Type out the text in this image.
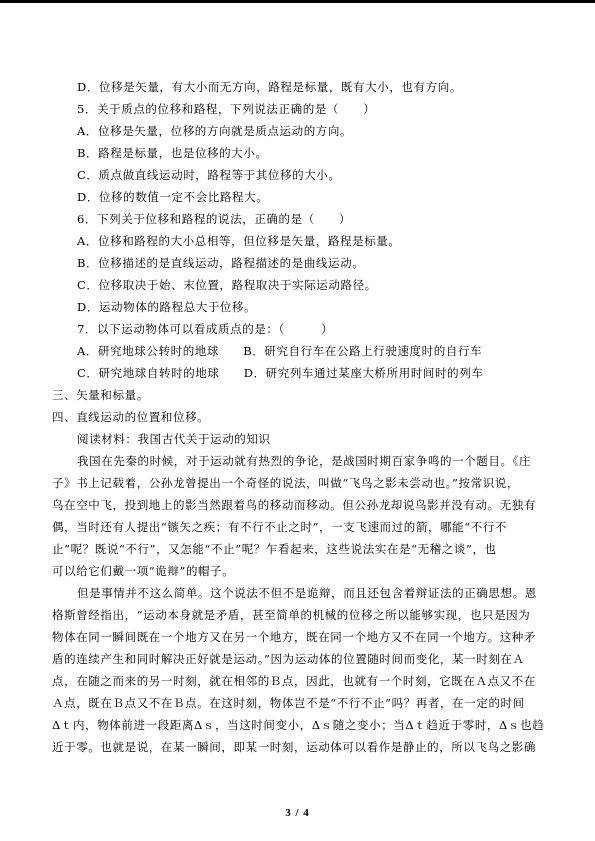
D．位移是矢量，有大小而无方向，路程是标量，既有大小，也有方向。
5．关于质点的位移和路程，下列说法正确的是（　　）
A．位移是矢量，位移的方向就是质点运动的方向。
B．路程是标量，也是位移的大小。
C．质点做直线运动时，路程等于其位移的大小。
D．位移的数值一定不会比路程大。
6．下列关于位移和路程的说法，正确的是（　　）
A．位移和路程的大小总相等，但位移是矢量，路程是标量。
B．位移描述的是直线运动，路程描述的是曲线运动。
C．位移取决于始、末位置，路程取决于实际运动路径。
D．运动物体的路程总大于位移。
7．以下运动物体可以看成质点的是：（　　　）
A．研究地球公转时的地球　　B．研究自行车在公路上行驶速度时的自行车
C．研究地球自转时的地球　　D．研究列车通过某座大桥所用时间时的列车
三、矢量和标量。
四、直线运动的位置和位移。
阅读材料：我国古代关于运动的知识
我国在先秦的时候，对于运动就有热烈的争论，是战国时期百家争鸣的一个题目。《庄
子》书上记载着，公孙龙曾提出一个奇怪的说法，叫做“飞鸟之影未尝动也。”按常识说，
鸟在空中飞，投到地上的影当然跟着鸟的移动而移动。但公孙龙却说鸟影并没有动。无独有
偶，当时还有人提出“镞矢之疾；有不行不止之时”，一支飞速而过的箭，哪能“不行不
止”呢？既说“不行”，又怎能“不止”呢？乍看起来，这些说法实在是“无稽之谈”，也
可以给它们戴一项“诡辩”的帽子。
但是事情并不这么简单。这个说法不但不是诡辩，而且还包含着辩证法的正确思想。恩
格斯曾经指出，“运动本身就是矛盾，甚至简单的机械的位移之所以能够实现，也只是因为
物体在同一瞬间既在一个地方又在另一个地方，既在同一个地方又不在同一个地方。这种矛
盾的连续产生和同时解决正好就是运动。”因为运动体的位置随时间而变化，某一时刻在Ａ
点，在随之而来的另一时刻，就在相邻的Ｂ点，因此，也就有一个时刻，它既在Ａ点又不在
Ａ点，既在Ｂ点又不在Ｂ点。在这时刻，物体岂不是“不行不止”吗？再者，在一定的时间
Δｔ内，物体前进一段距离Δｓ，当这时间变小，Δｓ随之变小；当Δｔ趋近于零时，Δｓ也趋
近于零。也就是说，在某一瞬间，即某一时刻，运动体可以看作是静止的，所以飞鸟之影确
3 / 4
